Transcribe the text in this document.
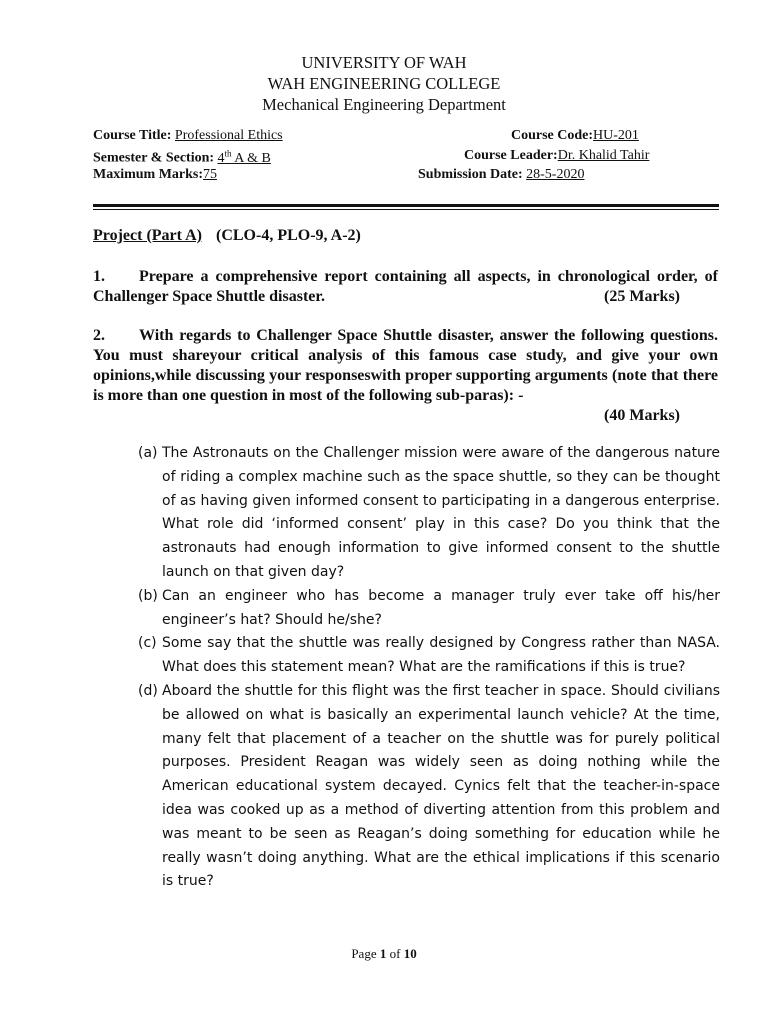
UNIVERSITY OF WAH
WAH ENGINEERING COLLEGE
Mechanical Engineering Department
Course Title: Professional Ethics	Course Code:HU-201
Semester & Section: 4th A & B	Course Leader:Dr. Khalid Tahir
Maximum Marks:75	Submission Date: 28-5-2020
Project (Part A) (CLO-4, PLO-9, A-2)
1. Prepare a comprehensive report containing all aspects, in chronological order, of Challenger Space Shuttle disaster.	(25 Marks)
2. With regards to Challenger Space Shuttle disaster, answer the following questions. You must shareyour critical analysis of this famous case study, and give your own opinions,while discussing your responseswith proper supporting arguments (note that there is more than one question in most of the following sub-paras): -
(40 Marks)
(a) The Astronauts on the Challenger mission were aware of the dangerous nature of riding a complex machine such as the space shuttle, so they can be thought of as having given informed consent to participating in a dangerous enterprise. What role did ‘informed consent’ play in this case? Do you think that the astronauts had enough information to give informed consent to the shuttle launch on that given day?
(b) Can an engineer who has become a manager truly ever take off his/her engineer’s hat? Should he/she?
(c) Some say that the shuttle was really designed by Congress rather than NASA. What does this statement mean? What are the ramifications if this is true?
(d) Aboard the shuttle for this flight was the first teacher in space. Should civilians be allowed on what is basically an experimental launch vehicle? At the time, many felt that placement of a teacher on the shuttle was for purely political purposes. President Reagan was widely seen as doing nothing while the American educational system decayed. Cynics felt that the teacher-in-space idea was cooked up as a method of diverting attention from this problem and was meant to be seen as Reagan’s doing something for education while he really wasn’t doing anything. What are the ethical implications if this scenario is true?
Page 1 of 10
